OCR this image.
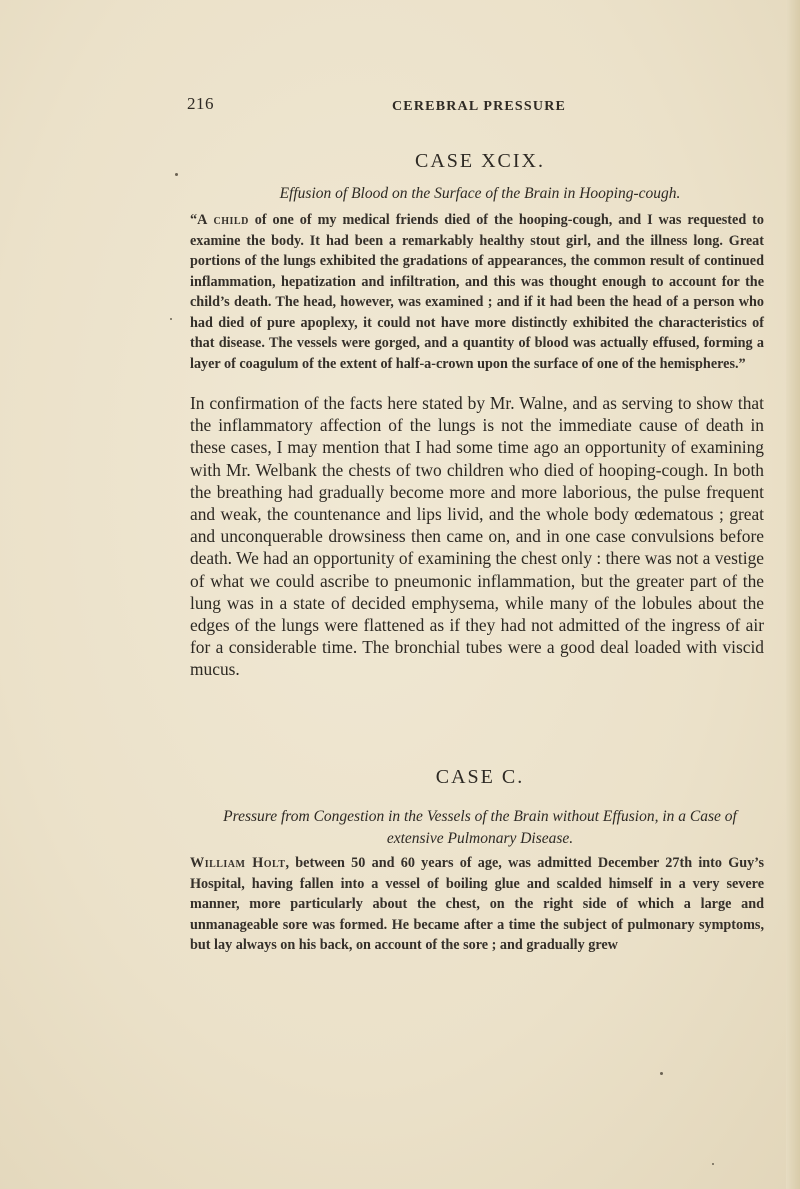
216	CEREBRAL PRESSURE
CASE XCIX.
Effusion of Blood on the Surface of the Brain in Hooping-cough.

“A child of one of my medical friends died of the hooping-cough, and I was requested to examine the body. It had been a remarkably healthy stout girl, and the illness long. Great portions of the lungs exhibited the gradations of appearances, the common result of continued inflammation, hepatization and infiltration, and this was thought enough to account for the child’s death. The head, however, was examined ; and if it had been the head of a person who had died of pure apoplexy, it could not have more distinctly exhibited the characteristics of that disease. The vessels were gorged, and a quantity of blood was actually effused, forming a layer of coagulum of the extent of half-a-crown upon the surface of one of the hemispheres.”

In confirmation of the facts here stated by Mr. Walne, and as serving to show that the inflammatory affection of the lungs is not the immediate cause of death in these cases, I may mention that I had some time ago an opportunity of examining with Mr. Welbank the chests of two children who died of hooping-cough. In both the breathing had gradually become more and more laborious, the pulse frequent and weak, the countenance and lips livid, and the whole body œdematous ; great and unconquerable drowsiness then came on, and in one case convulsions before death. We had an opportunity of examining the chest only : there was not a vestige of what we could ascribe to pneumonic inflammation, but the greater part of the lung was in a state of decided emphysema, while many of the lobules about the edges of the lungs were flattened as if they had not admitted of the ingress of air for a considerable time. The bronchial tubes were a good deal loaded with viscid mucus.

CASE C.
Pressure from Congestion in the Vessels of the Brain without Effusion, in a Case of
extensive Pulmonary Disease.

William Holt, between 50 and 60 years of age, was admitted December 27th into Guy’s Hospital, having fallen into a vessel of boiling glue and scalded himself in a very severe manner, more particularly about the chest, on the right side of which a large and unmanageable sore was formed. He became after a time the subject of pulmonary symptoms, but lay always on his back, on account of the sore ; and gradually grew
